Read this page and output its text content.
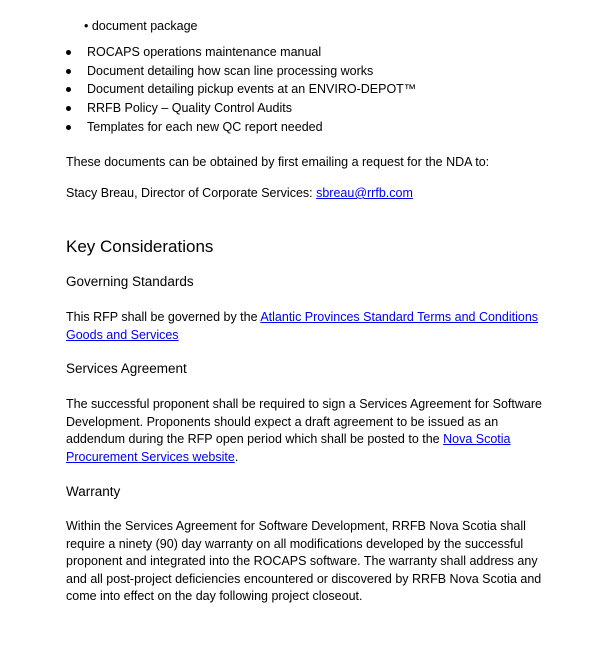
• document package
ROCAPS operations maintenance manual
Document detailing how scan line processing works
Document detailing pickup events at an ENVIRO-DEPOT™
RRFB Policy – Quality Control Audits
Templates for each new QC report needed
These documents can be obtained by first emailing a request for the NDA to:
Stacy Breau, Director of Corporate Services: sbreau@rrfb.com
Key Considerations
Governing Standards
This RFP shall be governed by the Atlantic Provinces Standard Terms and Conditions
Goods and Services
Services Agreement
The successful proponent shall be required to sign a Services Agreement for Software
Development. Proponents should expect a draft agreement to be issued as an
addendum during the RFP open period which shall be posted to the Nova Scotia
Procurement Services website.
Warranty
Within the Services Agreement for Software Development, RRFB Nova Scotia shall
require a ninety (90) day warranty on all modifications developed by the successful
proponent and integrated into the ROCAPS software. The warranty shall address any
and all post-project deficiencies encountered or discovered by RRFB Nova Scotia and
come into effect on the day following project closeout.
